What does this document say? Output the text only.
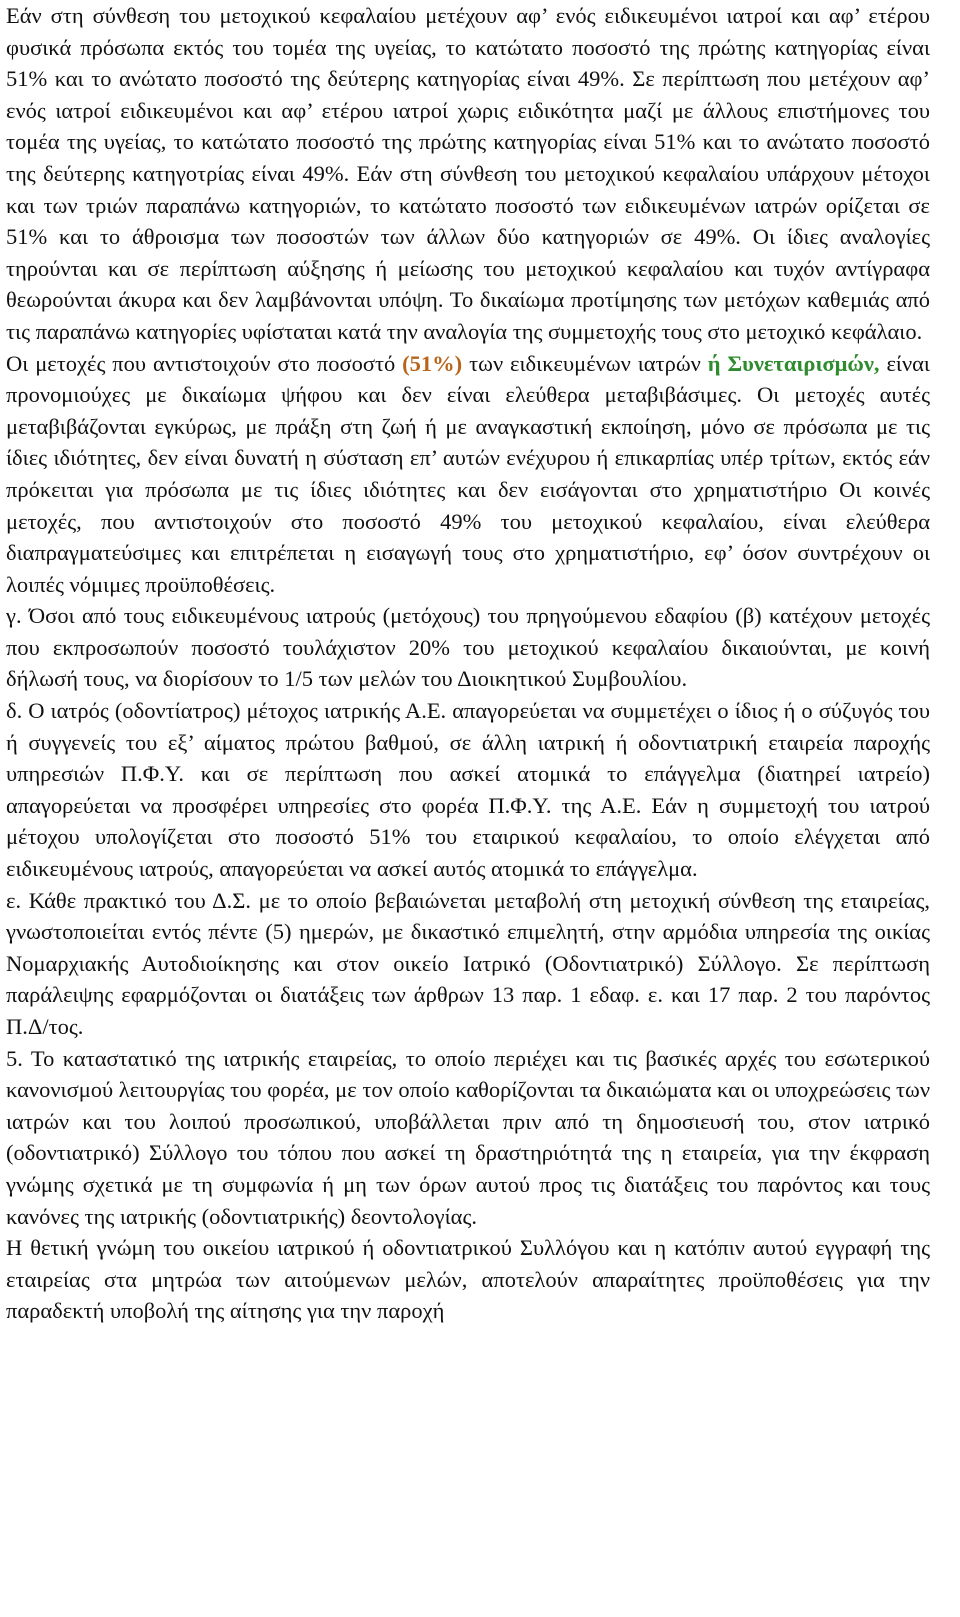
Εάν στη σύνθεση του μετοχικού κεφαλαίου μετέχουν αφ’ ενός ειδικευμένοι ιατροί και αφ’ ετέρου φυσικά πρόσωπα εκτός του τομέα της υγείας, το κατώτατο ποσοστό της πρώτης κατηγορίας είναι 51% και το ανώτατο ποσοστό της δεύτερης κατηγορίας είναι 49%. Σε περίπτωση που μετέχουν αφ’ ενός ιατροί ειδικευμένοι και αφ’ ετέρου ιατροί χωρις ειδικότητα μαζί με άλλους επιστήμονες του τομέα της υγείας, το κατώτατο ποσοστό της πρώτης κατηγορίας είναι 51% και το ανώτατο ποσοστό της δεύτερης κατηγοτρίας είναι 49%. Εάν στη σύνθεση του μετοχικού κεφαλαίου υπάρχουν μέτοχοι και των τριών παραπάνω κατηγοριών, το κατώτατο ποσοστό των ειδικευμένων ιατρών ορίζεται σε 51% και το άθροισμα των ποσοστών των άλλων δύο κατηγοριών σε 49%. Οι ίδιες αναλογίες τηρούνται και σε περίπτωση αύξησης ή μείωσης του μετοχικού κεφαλαίου και τυχόν αντίγραφα θεωρούνται άκυρα και δεν λαμβάνονται υπόψη. Το δικαίωμα προτίμησης των μετόχων καθεμιάς από τις παραπάνω κατηγορίες υφίσταται κατά την αναλογία της συμμετοχής τους στο μετοχικό κεφάλαιο.

Οι μετοχές που αντιστοιχούν στο ποσοστό (51%) των ειδικευμένων ιατρών ή Συνεταιρισμών, είναι προνομιούχες με δικαίωμα ψήφου και δεν είναι ελεύθερα μεταβιβάσιμες. Οι μετοχές αυτές μεταβιβάζονται εγκύρως, με πράξη στη ζωή ή με αναγκαστική εκποίηση, μόνο σε πρόσωπα με τις ίδιες ιδιότητες, δεν είναι δυνατή η σύσταση επ’ αυτών ενέχυρου ή επικαρπίας υπέρ τρίτων, εκτός εάν πρόκειται για πρόσωπα με τις ίδιες ιδιότητες και δεν εισάγονται στο χρηματιστήριο Οι κοινές μετοχές, που αντιστοιχούν στο ποσοστό 49% του μετοχικού κεφαλαίου, είναι ελεύθερα διαπραγματεύσιμες και επιτρέπεται η εισαγωγή τους στο χρηματιστήριο, εφ’ όσον συντρέχουν οι λοιπές νόμιμες προϋποθέσεις.

γ. Όσοι από τους ειδικευμένους ιατρούς (μετόχους) του πρηγούμενου εδαφίου (β) κατέχουν μετοχές που εκπροσωπούν ποσοστό τουλάχιστον 20% του μετοχικού κεφαλαίου δικαιούνται, με κοινή δήλωσή τους, να διορίσουν τo 1/5 των μελών του Διοικητικού Συμβουλίου.

δ. Ο ιατρός (οδοντίατρος) μέτοχος ιατρικής Α.Ε. απαγορεύεται να συμμετέχει ο ίδιος ή ο σύζυγός του ή συγγενείς του εξ’ αίματος πρώτου βαθμού, σε άλλη ιατρική ή οδοντιατρική εταιρεία παροχής υπηρεσιών Π.Φ.Υ. και σε περίπτωση που ασκεί ατομικά το επάγγελμα (διατηρεί ιατρείο) απαγορεύεται να προσφέρει υπηρεσίες στο φορέα Π.Φ.Υ. της Α.Ε. Εάν η συμμετοχή του ιατρού μέτοχου υπολογίζεται στο ποσοστό 51% του εταιρικού κεφαλαίου, το οποίο ελέγχεται από ειδικευμένους ιατρούς, απαγορεύεται να ασκεί αυτός ατομικά το επάγγελμα.

ε. Κάθε πρακτικό του Δ.Σ. με το οποίο βεβαιώνεται μεταβολή στη μετοχική σύνθεση της εταιρείας, γνωστοποιείται εντός πέντε (5) ημερών, με δικαστικό επιμελητή, στην αρμόδια υπηρεσία της οικίας Νομαρχιακής Αυτοδιοίκησης και στον οικείο Ιατρικό (Οδοντιατρικό) Σύλλογο. Σε περίπτωση παράλειψης εφαρμόζονται οι διατάξεις των άρθρων 13 παρ. 1 εδαφ. ε. και 17 παρ. 2 του παρόντος Π.Δ/τος.

5. Το καταστατικό της ιατρικής εταιρείας, το οποίο περιέχει και τις βασικές αρχές του εσωτερικού κανονισμού λειτουργίας του φορέα, με τον οποίο καθορίζονται τα δικαιώματα και οι υποχρεώσεις των ιατρών και του λοιπού προσωπικού, υποβάλλεται πριν από τη δημοσιευσή του, στον ιατρικό (οδοντιατρικό) Σύλλογο του τόπου που ασκεί τη δραστηριότητά της η εταιρεία, για την έκφραση γνώμης σχετικά με τη συμφωνία ή μη των όρων αυτού προς τις διατάξεις του παρόντος και τους κανόνες της ιατρικής (οδοντιατρικής) δεοντολογίας.

Η θετική γνώμη του οικείου ιατρικού ή οδοντιατρικού Συλλόγου και η κατόπιν αυτού εγγραφή της εταιρείας στα μητρώα των αιτούμενων μελών, αποτελούν απαραίτητες προϋποθέσεις για την παραδεκτή υποβολή της αίτησης για την παροχή
